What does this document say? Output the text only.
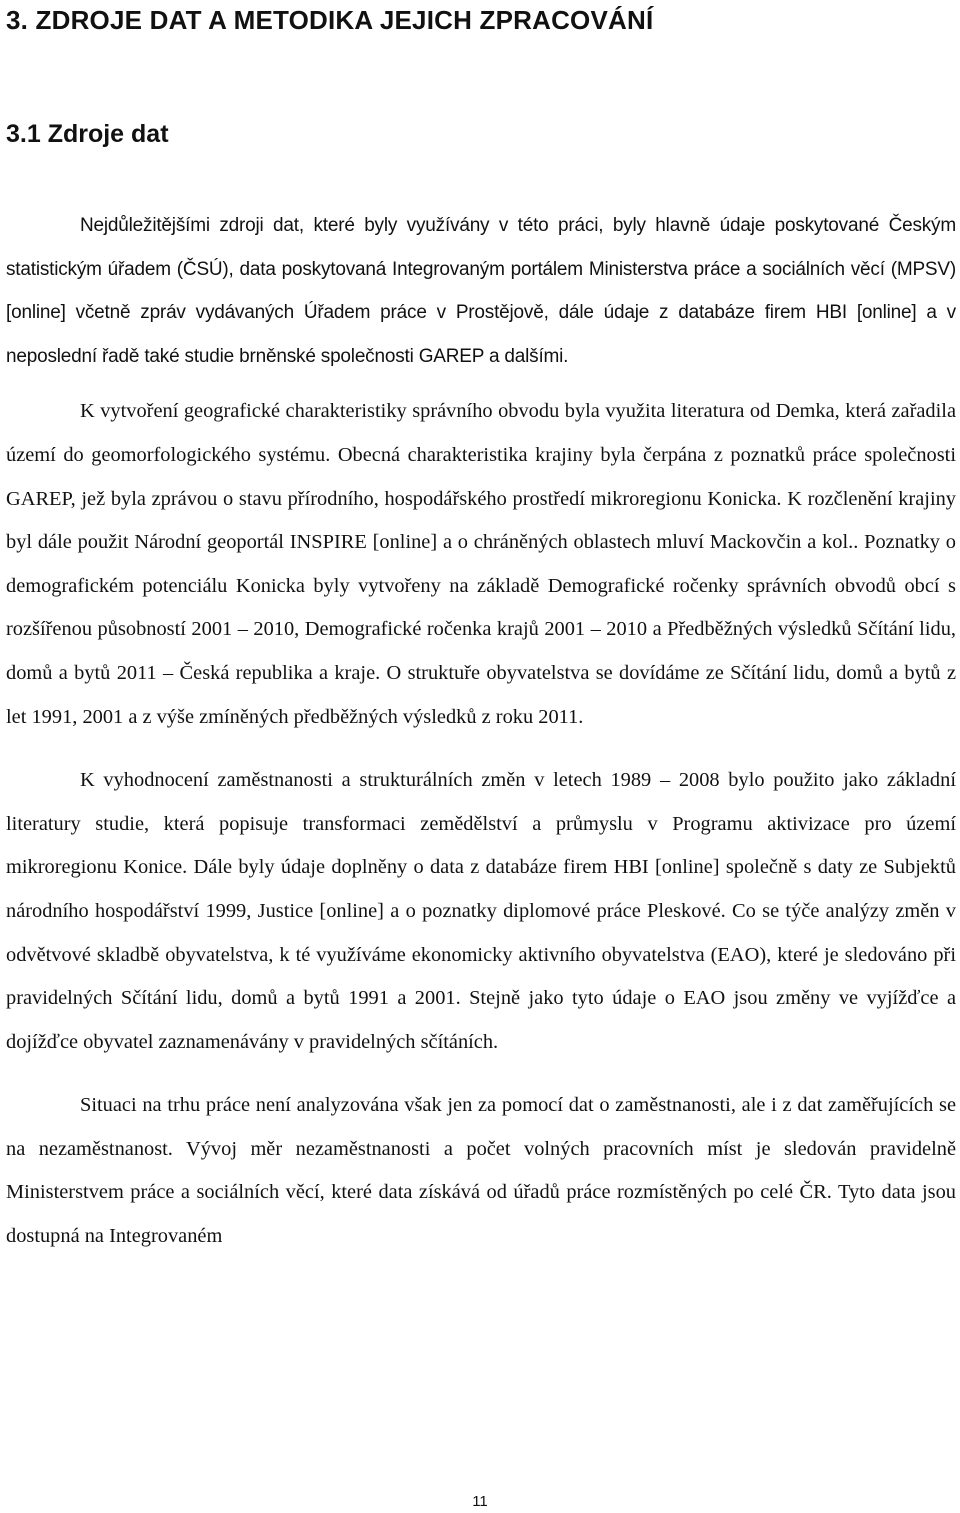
3. ZDROJE DAT A METODIKA JEJICH ZPRACOVÁNÍ
3.1 Zdroje dat

Nejdůležitějšími zdroji dat, které byly využívány v této práci, byly hlavně údaje poskytované Českým statistickým úřadem (ČSÚ), data poskytovaná Integrovaným portálem Ministerstva práce a sociálních věcí (MPSV) [online] včetně zpráv vydávaných Úřadem práce v Prostějově, dále údaje z databáze firem HBI [online] a v neposlední řadě také studie brněnské společnosti GAREP a dalšími.

K vytvoření geografické charakteristiky správního obvodu byla využita literatura od Demka, která zařadila území do geomorfologického systému. Obecná charakteristika krajiny byla čerpána z poznatků práce společnosti GAREP, jež byla zprávou o stavu přírodního, hospodářského prostředí mikroregionu Konicka. K rozčlenění krajiny byl dále použit Národní geoportál INSPIRE [online] a o chráněných oblastech mluví Mackovčin a kol.. Poznatky o demografickém potenciálu Konicka byly vytvořeny na základě Demografické ročenky správních obvodů obcí s rozšířenou působností 2001 – 2010, Demografické ročenka krajů 2001 – 2010 a Předběžných výsledků Sčítání lidu, domů a bytů 2011 – Česká republika a kraje. O struktuře obyvatelstva se dovídáme ze Sčítání lidu, domů a bytů z let 1991, 2001 a z výše zmíněných předběžných výsledků z roku 2011.

K vyhodnocení zaměstnanosti a strukturálních změn v letech 1989 – 2008 bylo použito jako základní literatury studie, která popisuje transformaci zemědělství a průmyslu v Programu aktivizace pro území mikroregionu Konice. Dále byly údaje doplněny o data z databáze firem HBI [online] společně s daty ze Subjektů národního hospodářství 1999, Justice [online] a o poznatky diplomové práce Pleskové. Co se týče analýzy změn v odvětvové skladbě obyvatelstva, k té využíváme ekonomicky aktivního obyvatelstva (EAO), které je sledováno při pravidelných Sčítání lidu, domů a bytů 1991 a 2001. Stejně jako tyto údaje o EAO jsou změny ve vyjížďce a dojížďce obyvatel zaznamenávány v pravidelných sčítáních.

Situaci na trhu práce není analyzována však jen za pomocí dat o zaměstnanosti, ale i z dat zaměřujících se na nezaměstnanost. Vývoj měr nezaměstnanosti a počet volných pracovních míst je sledován pravidelně Ministerstvem práce a sociálních věcí, které data získává od úřadů práce rozmístěných po celé ČR. Tyto data jsou dostupná na Integrovaném

11
